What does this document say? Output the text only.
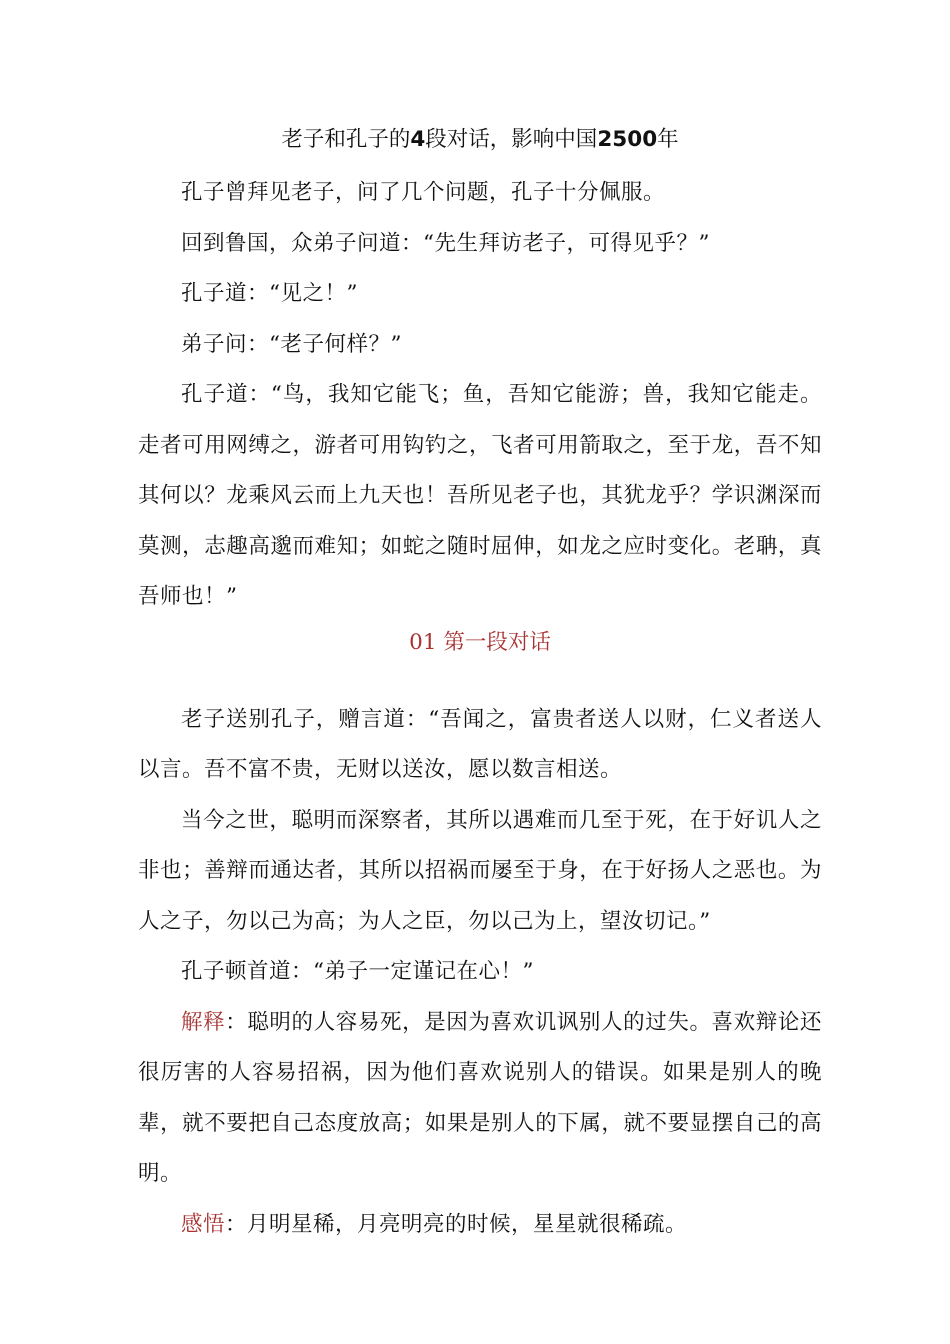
老子和孔子的4段对话，影响中国2500年

孔子曾拜见老子，问了几个问题，孔子十分佩服。

回到鲁国，众弟子问道：“先生拜访老子，可得见乎？”

孔子道：“见之！”

弟子问：“老子何样？”

孔子道：“鸟，我知它能飞；鱼，吾知它能游；兽，我知它能走。走者可用网缚之，游者可用钩钓之，飞者可用箭取之，至于龙，吾不知其何以？龙乘风云而上九天也！吾所见老子也，其犹龙乎？学识渊深而莫测，志趣高邈而难知；如蛇之随时屈伸，如龙之应时变化。老聃，真吾师也！”

01 第一段对话

老子送别孔子，赠言道：“吾闻之，富贵者送人以财，仁义者送人以言。吾不富不贵，无财以送汝，愿以数言相送。

当今之世，聪明而深察者，其所以遇难而几至于死，在于好讥人之非也；善辩而通达者，其所以招祸而屡至于身，在于好扬人之恶也。为人之子，勿以己为高；为人之臣，勿以己为上，望汝切记。”

孔子顿首道：“弟子一定谨记在心！”

解释：聪明的人容易死，是因为喜欢讥讽别人的过失。喜欢辩论还很厉害的人容易招祸，因为他们喜欢说别人的错误。如果是别人的晚辈，就不要把自己态度放高；如果是别人的下属，就不要显摆自己的高明。

感悟：月明星稀，月亮明亮的时候，星星就很稀疏。
